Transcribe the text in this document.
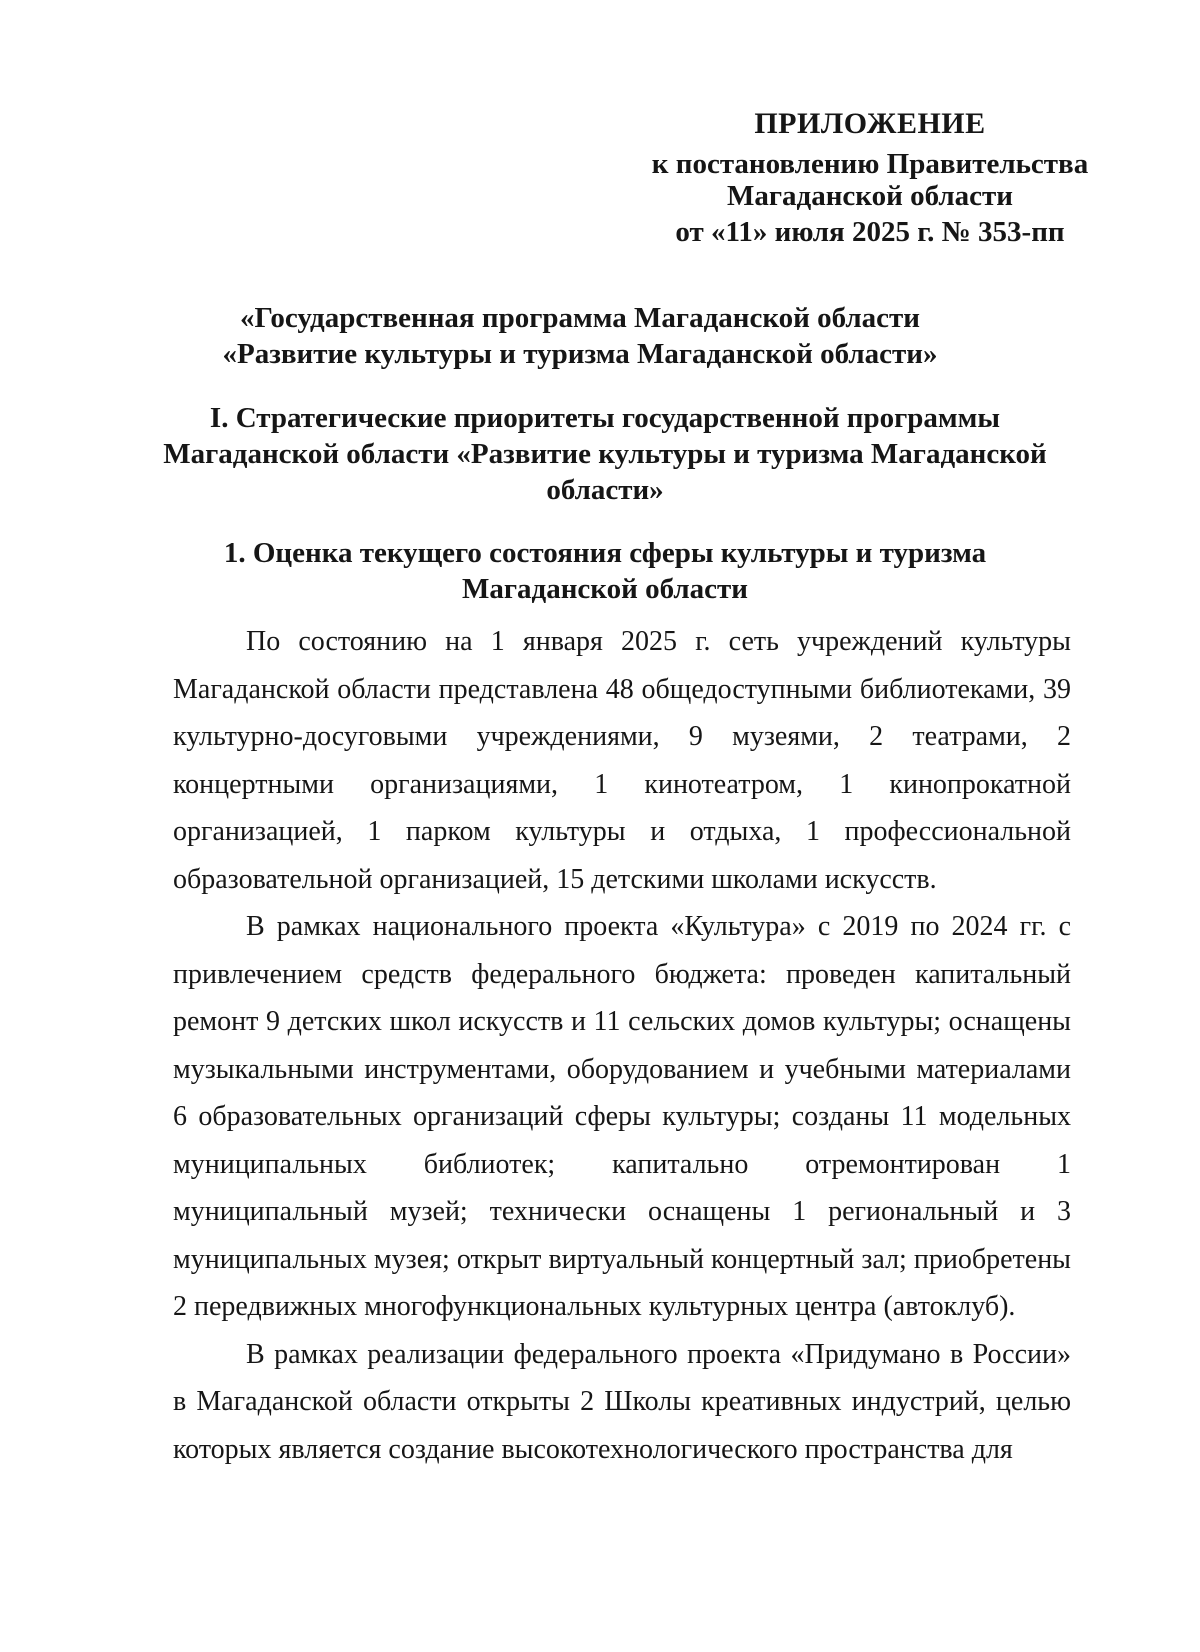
ПРИЛОЖЕНИЕ
к постановлению Правительства
Магаданской области
от «11» июля 2025 г. № 353-пп
«Государственная программа Магаданской области
«Развитие культуры и туризма Магаданской области»
I. Стратегические приоритеты государственной программы
Магаданской области «Развитие культуры и туризма Магаданской
области»
1. Оценка текущего состояния сферы культуры и туризма
Магаданской области

По состоянию на 1 января 2025 г. сеть учреждений культуры Магаданской области представлена 48 общедоступными библиотеками, 39 культурно-досуговыми учреждениями, 9 музеями, 2 театрами, 2 концертными организациями, 1 кинотеатром, 1 кинопрокатной организацией, 1 парком культуры и отдыха, 1 профессиональной образовательной организацией, 15 детскими школами искусств.

В рамках национального проекта «Культура» с 2019 по 2024 гг. с привлечением средств федерального бюджета: проведен капитальный ремонт 9 детских школ искусств и 11 сельских домов культуры; оснащены музыкальными инструментами, оборудованием и учебными материалами 6 образовательных организаций сферы культуры; созданы 11 модельных муниципальных библиотек; капитально отремонтирован 1 муниципальный музей; технически оснащены 1 региональный и 3 муниципальных музея; открыт виртуальный концертный зал; приобретены 2 передвижных многофункциональных культурных центра (автоклуб).

В рамках реализации федерального проекта «Придумано в России» в Магаданской области открыты 2 Школы креативных индустрий, целью которых является создание высокотехнологического пространства для
